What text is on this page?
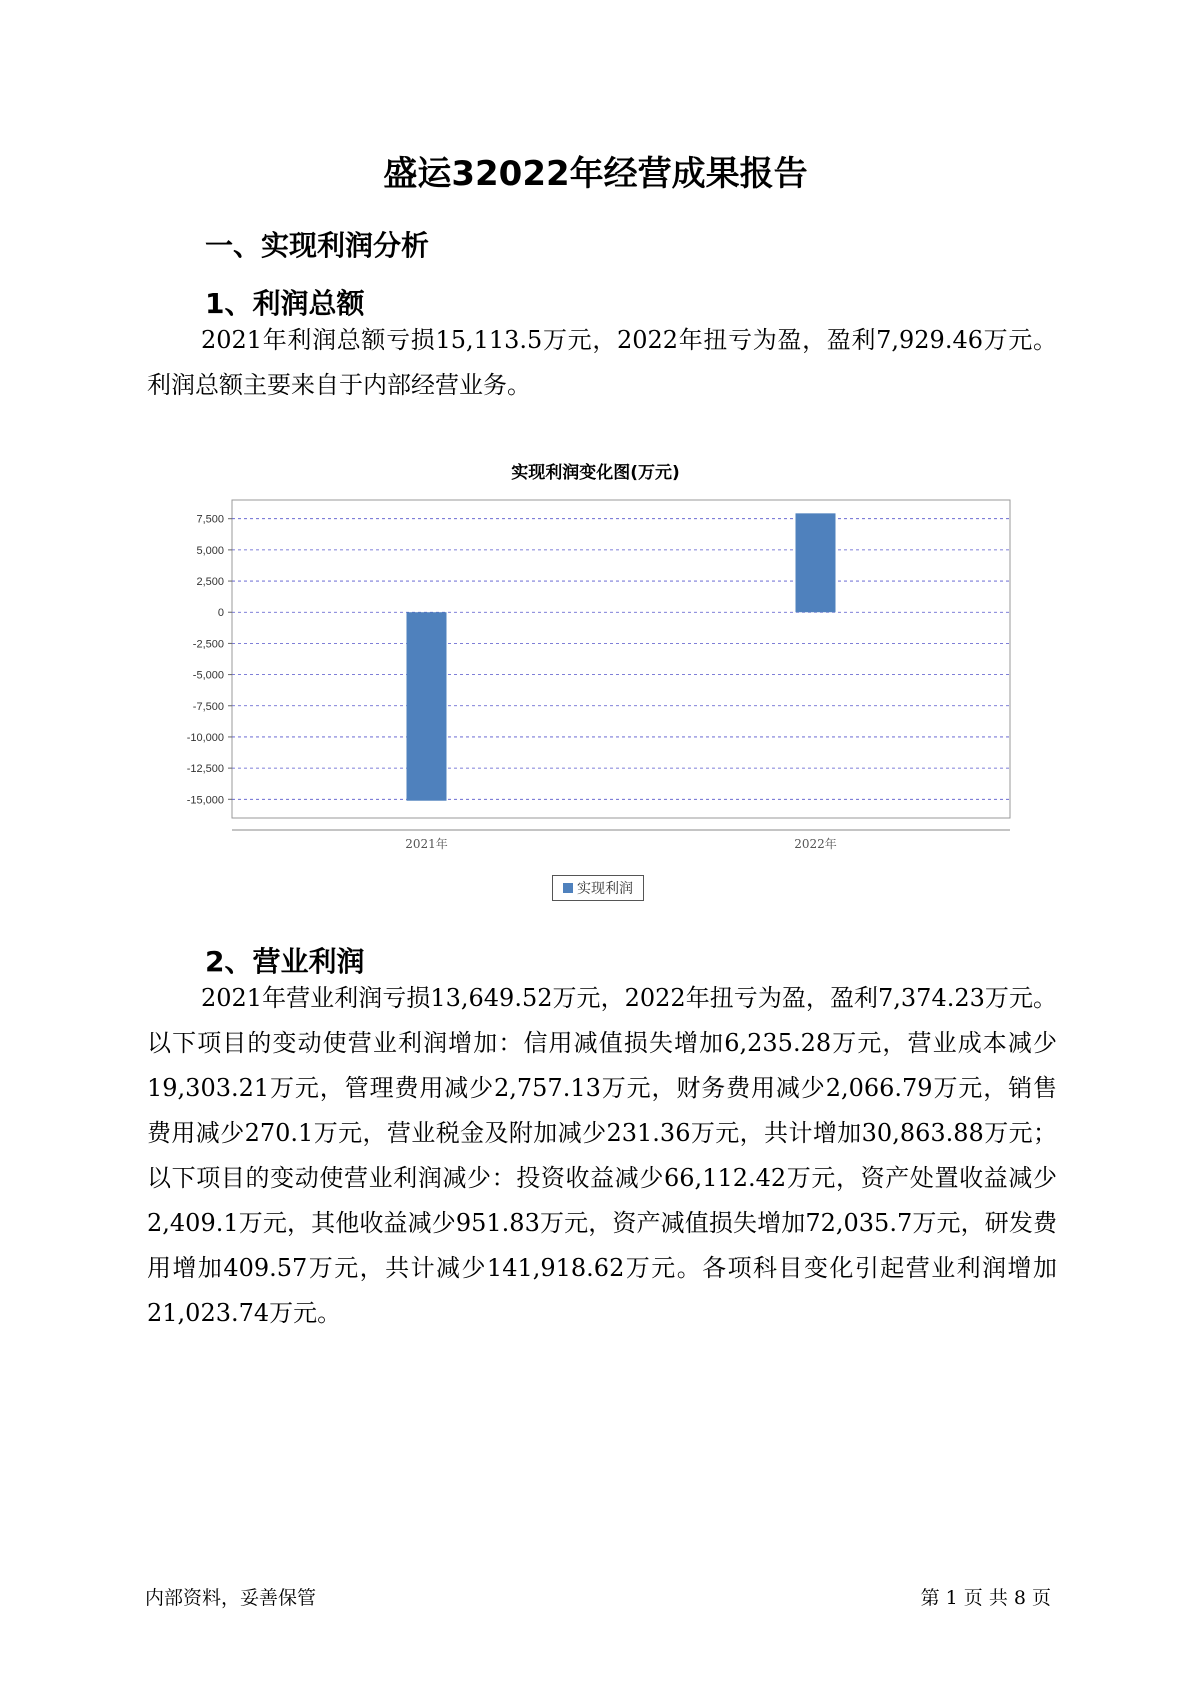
盛运32022年经营成果报告
一、实现利润分析
1、利润总额

2021年利润总额亏损15,113.5万元，2022年扭亏为盈，盈利7,929.46万元。利润总额主要来自于内部经营业务。

实现利润变化图(万元)
7,500
5,000
2,500
0
-2,500
-5,000
-7,500
-10,000
-12,500
-15,000
2021年	2022年
实现利润
2、营业利润

2021年营业利润亏损13,649.52万元，2022年扭亏为盈，盈利7,374.23万元。以下项目的变动使营业利润增加：信用减值损失增加6,235.28万元，营业成本减少19,303.21万元，管理费用减少2,757.13万元，财务费用减少2,066.79万元，销售费用减少270.1万元，营业税金及附加减少231.36万元，共计增加30,863.88万元；以下项目的变动使营业利润减少：投资收益减少66,112.42万元，资产处置收益减少2,409.1万元，其他收益减少951.83万元，资产减值损失增加72,035.7万元，研发费用增加409.57万元，共计减少141,918.62万元。各项科目变化引起营业利润增加21,023.74万元。

内部资料，妥善保管	第 1 页 共 8 页
